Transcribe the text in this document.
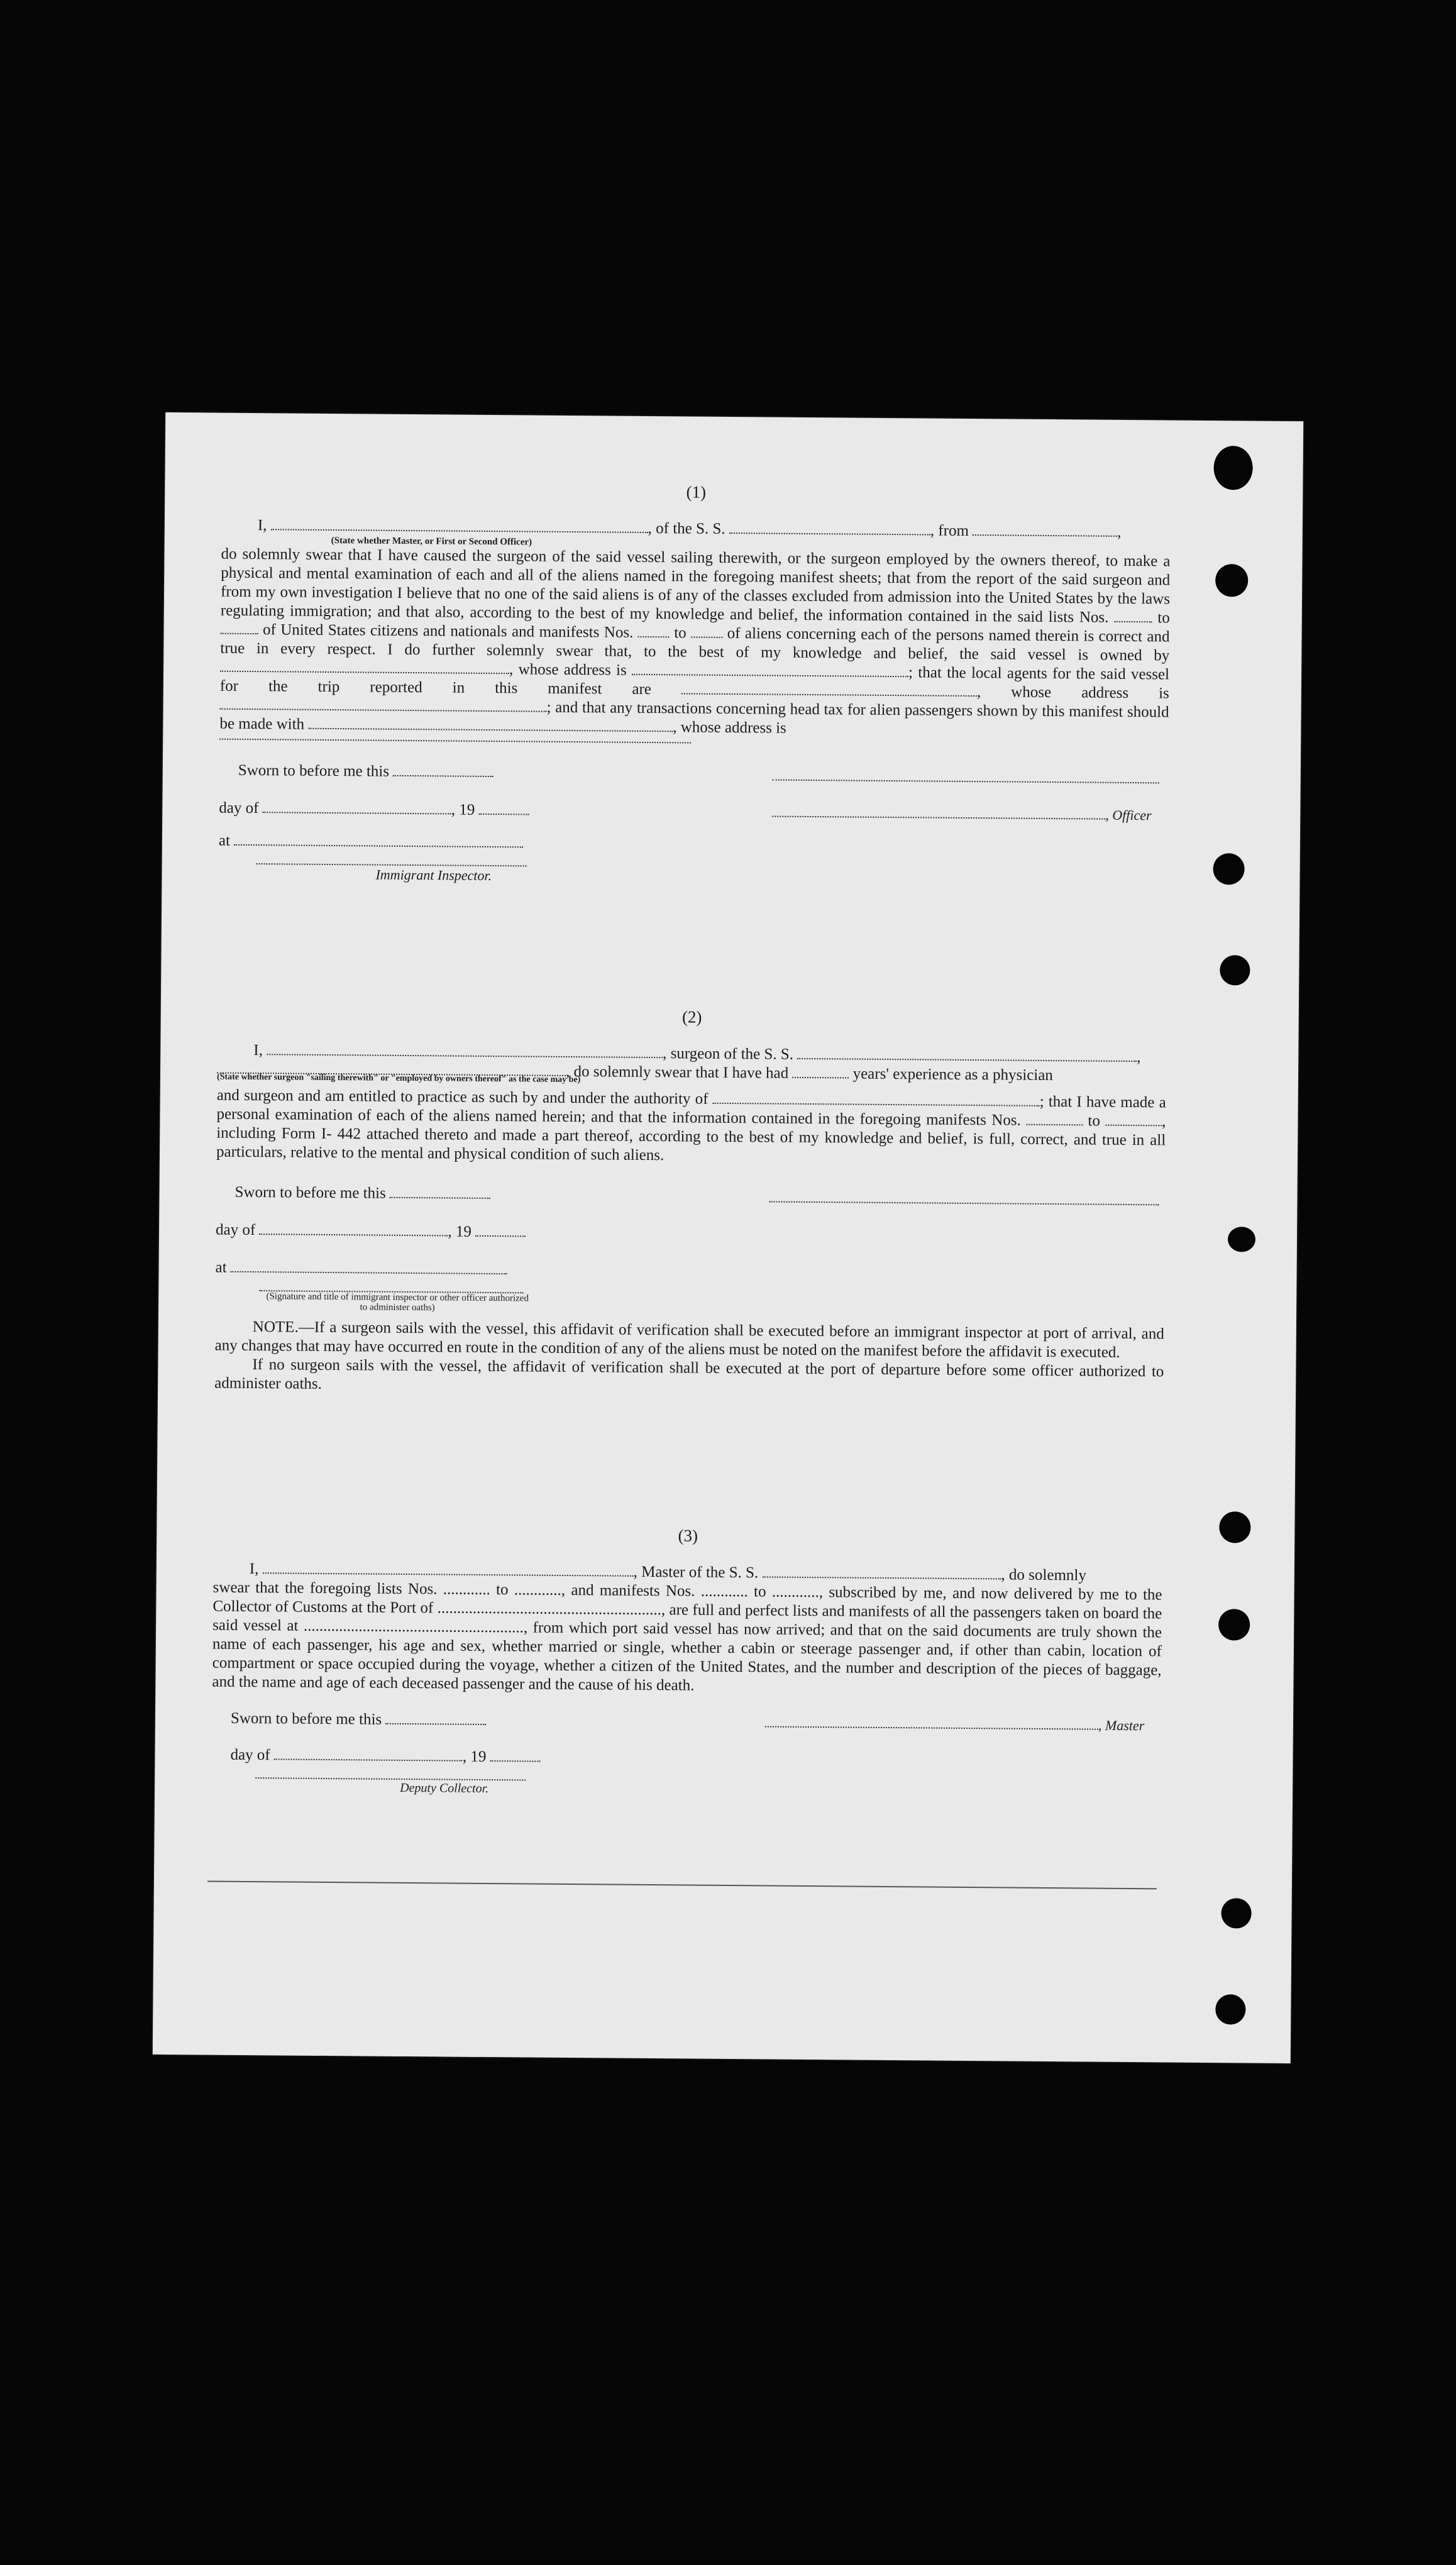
(1)
I,	, of the S. S.	, from	,
(State whether Master, or First or Second Officer)

do solemnly swear that I have caused the surgeon of the said vessel sailing therewith, or the surgeon employed by the owners thereof, to make a physical and mental examination of each and all of the aliens named in the foregoing manifest sheets; that from the report of the said surgeon and from my own investigation I believe that no one of the said aliens is of any of the classes excluded from admission into the United States by the laws regulating immigration; and that also, according to the best of my knowledge and belief, the information contained in the said lists Nos.	to  of United States citizens and nationals and manifests Nos.	to	of aliens concerning each of the persons named therein is correct and true in every respect. I do further solemnly swear that, to the best of my knowledge and belief, the said vessel is owned by , whose address is	; that the local agents for the said vessel for the trip reported in this manifest are	, whose address is ; and that any transactions concerning head tax for alien passengers shown by this manifest should be made with	, whose address is

Sworn to before me this
day of	, 19	, Officer
at
Immigrant Inspector.
(2)
I,	, surgeon of the S. S.	,
, do solemnly swear that I have had	years' experience as a physician
(State whether surgeon "sailing therewith" or "employed by owners thereof" as the case may be)

and surgeon and am entitled to practice as such by and under the authority of	; that I have made a personal examination of each of the aliens named herein; and that the information contained in the foregoing manifests Nos.	to	, including Form I- 442 attached thereto and made a part thereof, according to the best of my knowledge and belief, is full, correct, and true in all particulars, relative to the mental and physical condition of such aliens.

Sworn to before me this
day of	, 19
at
(Signature and title of immigrant inspector or other officer authorized to administer oaths)

NOTE.—If a surgeon sails with the vessel, this affidavit of verification shall be executed before an immigrant inspector at port of arrival, and any changes that may have occurred en route in the condition of any of the aliens must be noted on the manifest before the affidavit is executed.

If no surgeon sails with the vessel, the affidavit of verification shall be executed at the port of departure before some officer authorized to administer oaths.

(3)
I,	, Master of the S. S.	, do solemnly

swear that the foregoing lists Nos. ............ to ............, and manifests Nos. ............ to ............, subscribed by me, and now delivered by me to the Collector of Customs at the Port of ........................................................., are full and perfect lists and manifests of all the passengers taken on board the said vessel at ........................................................, from which port said vessel has now arrived; and that on the said documents are truly shown the name of each passenger, his age and sex, whether married or single, whether a cabin or steerage passenger and, if other than cabin, location of compartment or space occupied during the voyage, whether a citizen of the United States, and the number and description of the pieces of baggage, and the name and age of each deceased passenger and the cause of his death.

Sworn to before me this	, Master
day of	, 19
Deputy Collector.
